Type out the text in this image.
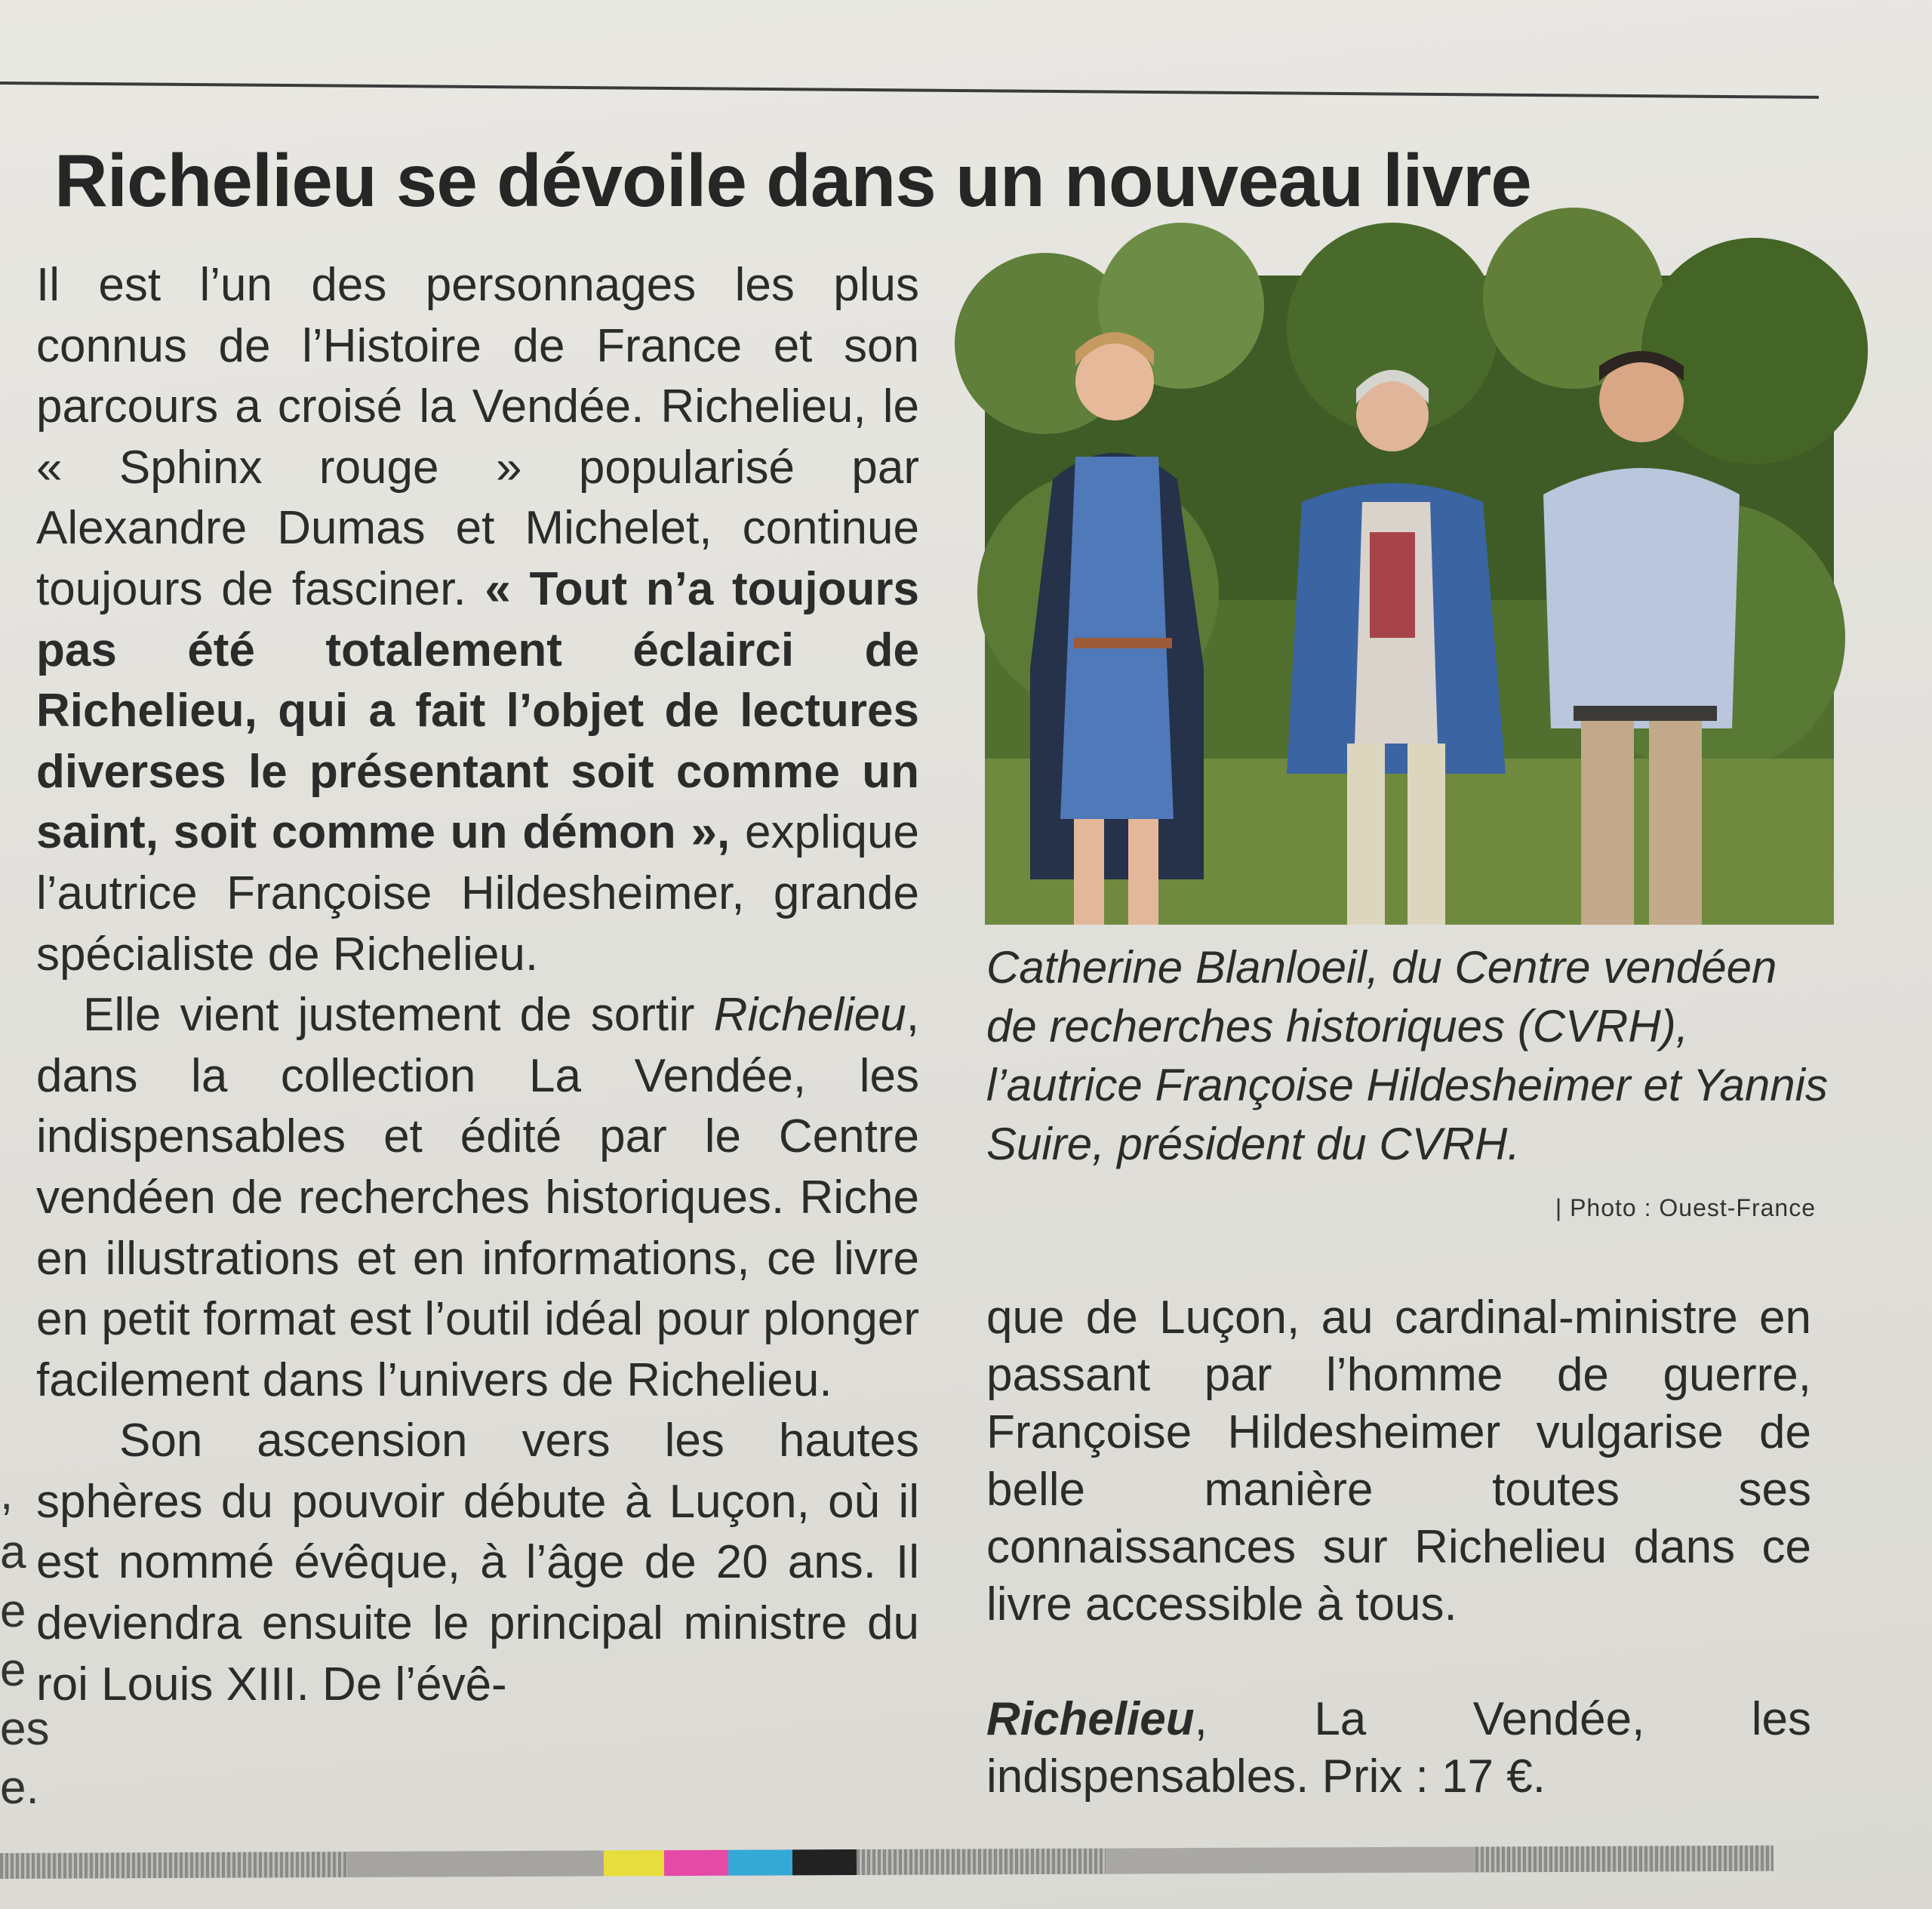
Richelieu se dévoile dans un nouveau livre

Il est l’un des personnages les plus connus de l’Histoire de France et son parcours a croisé la Vendée. Richelieu, le « Sphinx rouge » popularisé par Alexandre Dumas et Michelet, continue toujours de fasciner. « Tout n’a toujours pas été totalement éclairci de Richelieu, qui a fait l’objet de lectures diverses le présentant soit comme un saint, soit comme un démon », explique l’autrice Françoise Hildesheimer, grande spécialiste de Richelieu.

Elle vient justement de sortir Richelieu, dans la collection La Vendée, les indispensables et édité par le Centre vendéen de recherches historiques. Riche en illustrations et en informations, ce livre en petit format est l’outil idéal pour plonger facilement dans l’univers de Richelieu.

Son ascension vers les hautes sphères du pouvoir débute à Luçon, où il est nommé évêque, à l’âge de 20 ans. Il deviendra ensuite le principal ministre du roi Louis XIII. De l’évê-

Catherine Blanloeil, du Centre vendéen de recherches historiques (CVRH), l’autrice Françoise Hildesheimer et Yannis Suire, président du CVRH.

| Photo : Ouest-France

que de Luçon, au cardinal-ministre en passant par l’homme de guerre, Françoise Hildesheimer vulgarise de belle manière toutes ses connaissances sur Richelieu dans ce livre accessible à tous.

Richelieu, La Vendée, les indispensables. Prix : 17 €.

,
a
e
e
es
e.
